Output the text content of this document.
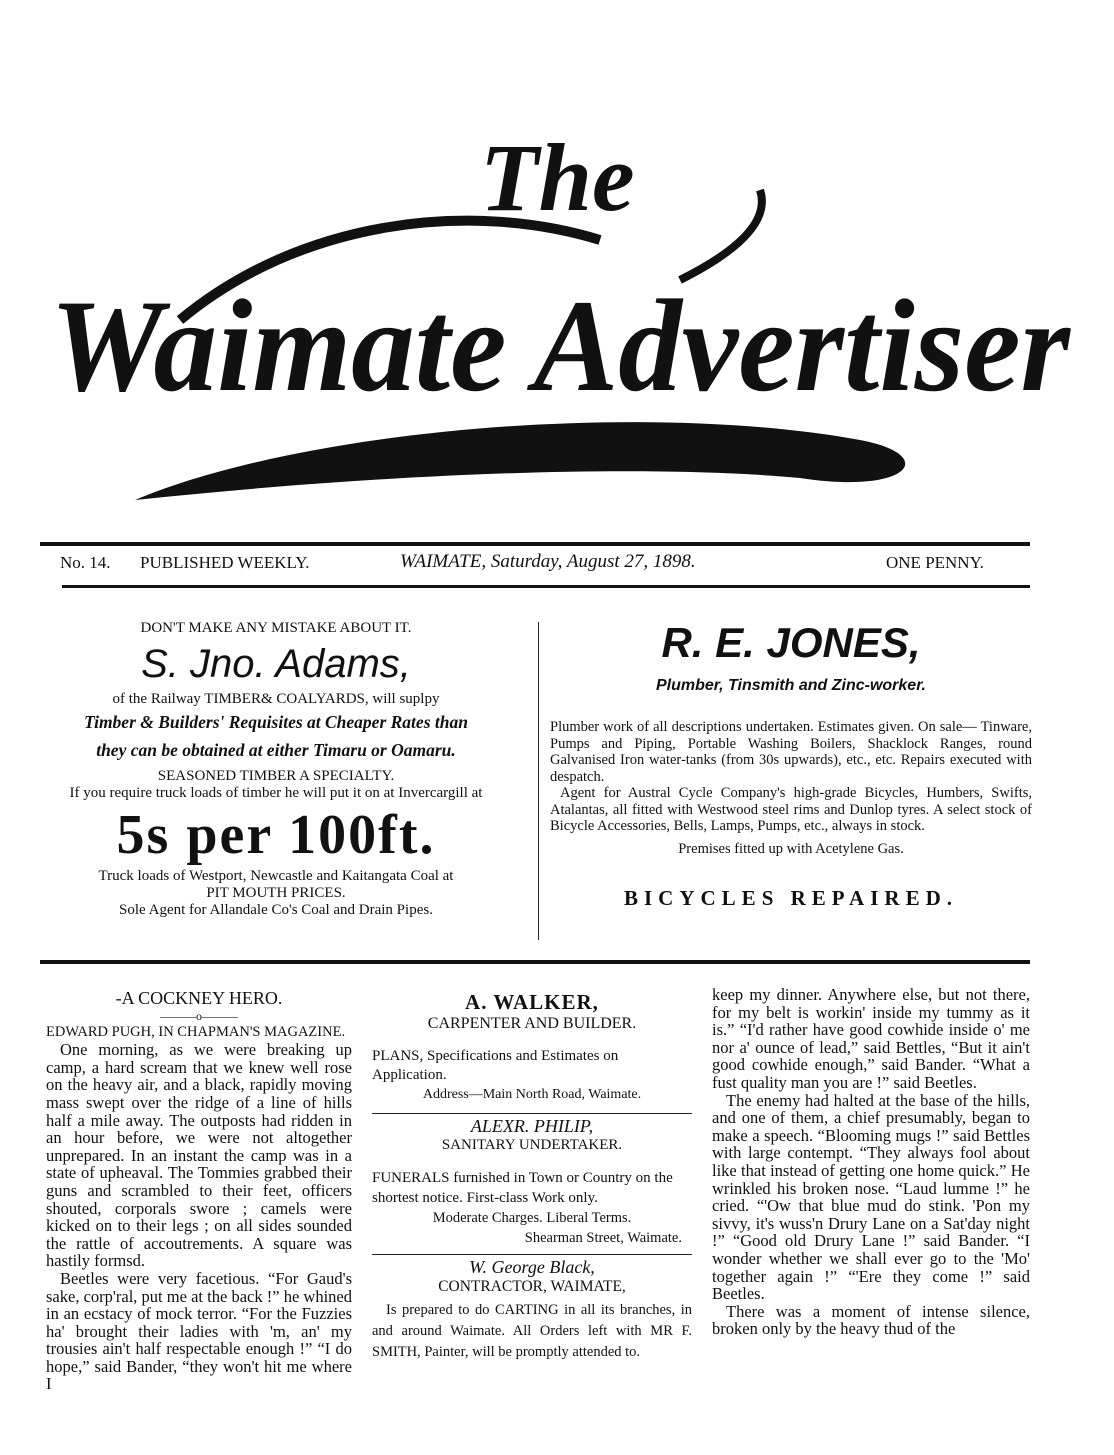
The
Waimate Advertiser
No. 14. PUBLISHED WEEKLY.	WAIMATE, Saturday, August 27, 1898.	ONE PENNY.
DON'T MAKE ANY MISTAKE ABOUT IT.
S. Jno. Adams,
of the Railway TIMBER& COALYARDS, will suplpy
Timber & Builders' Requisites at Cheaper Rates than
they can be obtained at either Timaru or Oamaru.
SEASONED TIMBER A SPECIALTY.
If you require truck loads of timber he will put it on at Invercargill at
5s per 100ft.
Truck loads of Westport, Newcastle and Kaitangata Coal at
PIT MOUTH PRICES.
Sole Agent for Allandale Co's Coal and Drain Pipes.
R. E. JONES,
Plumber, Tinsmith and Zinc-worker.
Plumber work of all descriptions undertaken. Estimates given. On sale— Tinware, Pumps and Piping, Portable Washing Boilers, Shacklock Ranges, round Galvanised Iron water-tanks (from 30s upwards), etc., etc. Repairs executed with despatch.
Agent for Austral Cycle Company's high-grade Bicycles, Humbers, Swifts, Atalantas, all fitted with Westwood steel rims and Dunlop tyres. A select stock of Bicycle Accessories, Bells, Lamps, Pumps, etc., always in stock.
Premises fitted up with Acetylene Gas.
BICYCLES REPAIRED.
-A COCKNEY HERO.
———o———
EDWARD PUGH, IN CHAPMAN'S MAGAZINE.

One morning, as we were breaking up camp, a hard scream that we knew well rose on the heavy air, and a black, rapidly moving mass swept over the ridge of a line of hills half a mile away. The outposts had ridden in an hour before, we were not altogether unprepared. In an instant the camp was in a state of upheaval. The Tommies grabbed their guns and scrambled to their feet, officers shouted, corporals swore ; camels were kicked on to their legs ; on all sides sounded the rattle of accoutrements. A square was hastily formsd.

Beetles were very facetious. “For Gaud's sake, corp'ral, put me at the back !” he whined in an ecstacy of mock terror. “For the Fuzzies ha' brought their ladies with 'm, an' my trousies ain't half respectable enough !” “I do hope,” said Bander, “they won't hit me where I

A. WALKER,
CARPENTER AND BUILDER.
PLANS, Specifications and Estimates on Application.
Address—Main North Road, Waimate.
ALEXR. PHILIP,
SANITARY UNDERTAKER.
FUNERALS furnished in Town or Country on the shortest notice. First-class Work only.
Moderate Charges. Liberal Terms.
Shearman Street, Waimate.
W. George Black,
CONTRACTOR, WAIMATE,
Is prepared to do CARTING in all its branches, in and around Waimate. All Orders left with MR F. SMITH, Painter, will be promptly attended to.

keep my dinner. Anywhere else, but not there, for my belt is workin' inside my tummy as it is.” “I'd rather have good cowhide inside o' me nor a' ounce of lead,” said Bettles, “But it ain't good cowhide enough,” said Bander. “What a fust quality man you are !” said Beetles.

The enemy had halted at the base of the hills, and one of them, a chief presumably, began to make a speech. “Blooming mugs !” said Bettles with large contempt. “They always fool about like that instead of getting one home quick.” He wrinkled his broken nose. “Laud lumme !” he cried. “'Ow that blue mud do stink. 'Pon my sivvy, it's wuss'n Drury Lane on a Sat'day night !” “Good old Drury Lane !” said Bander. “I wonder whether we shall ever go to the 'Mo' together again !” “'Ere they come !” said Beetles.

There was a moment of intense silence, broken only by the heavy thud of the
